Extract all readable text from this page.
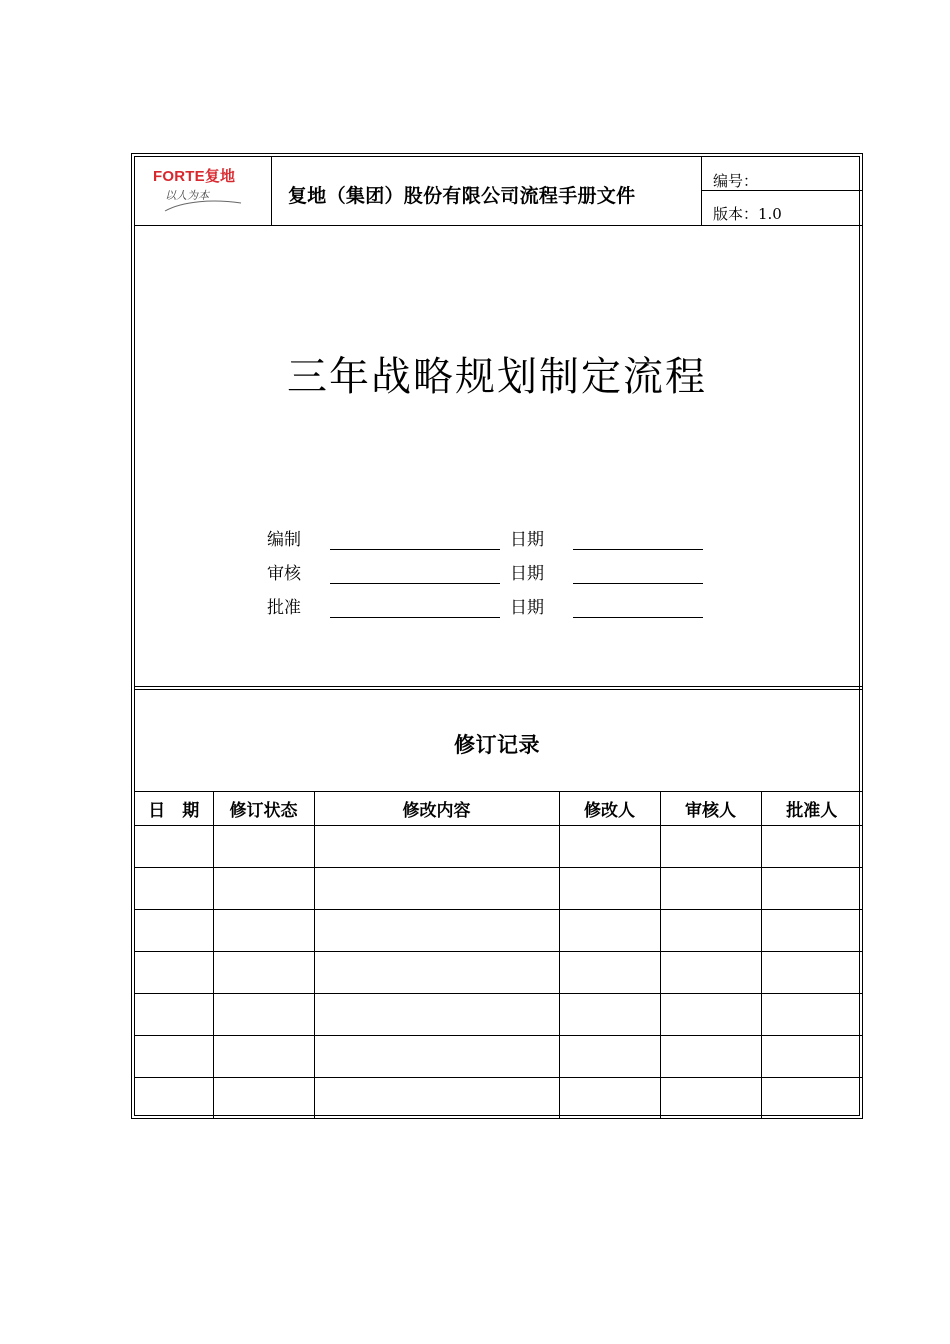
FORTE复地
以人为本	复地（集团）股份有限公司流程手册文件
编号：
版本：1.0
三年战略规划制定流程
编制	日期
审核	日期
批准	日期
修订记录
日　期	修订状态	修改内容	修改人	审核人	批准人
